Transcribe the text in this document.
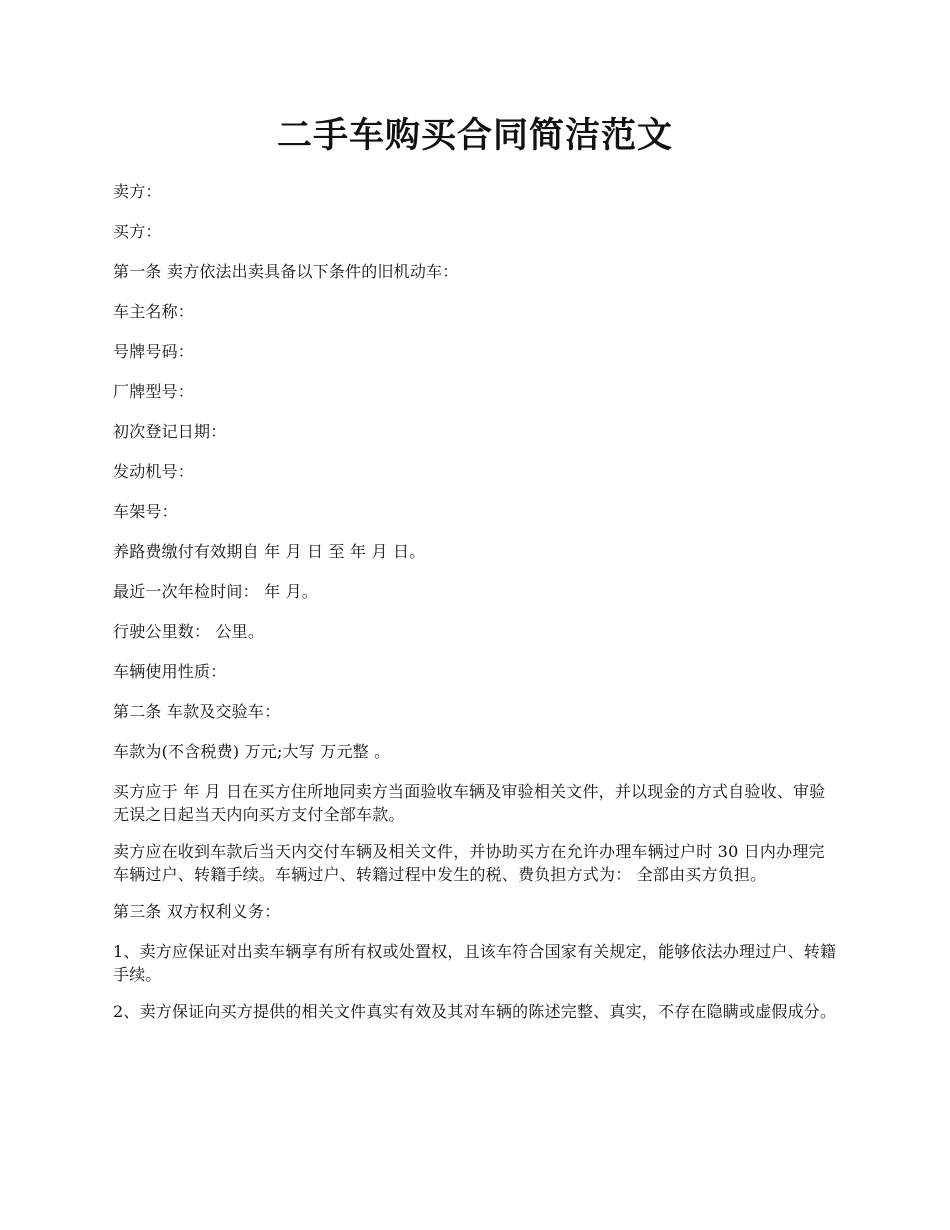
二手车购买合同简洁范文

卖方：

买方：

第一条 卖方依法出卖具备以下条件的旧机动车：

车主名称：

号牌号码：

厂牌型号：

初次登记日期：

发动机号：

车架号：

养路费缴付有效期自 年 月 日 至 年 月 日。

最近一次年检时间： 年 月。

行驶公里数： 公里。

车辆使用性质：

第二条 车款及交验车：

车款为(不含税费) 万元;大写 万元整 。

买方应于 年 月 日在买方住所地同卖方当面验收车辆及审验相关文件，并以现金的方式自验收、审验无误之日起当天内向买方支付全部车款。

卖方应在收到车款后当天内交付车辆及相关文件，并协助买方在允许办理车辆过户时 30 日内办理完车辆过户、转籍手续。车辆过户、转籍过程中发生的税、费负担方式为： 全部由买方负担。

第三条 双方权利义务：

1、卖方应保证对出卖车辆享有所有权或处置权，且该车符合国家有关规定，能够依法办理过户、转籍手续。

2、卖方保证向买方提供的相关文件真实有效及其对车辆的陈述完整、真实，不存在隐瞒或虚假成分。
